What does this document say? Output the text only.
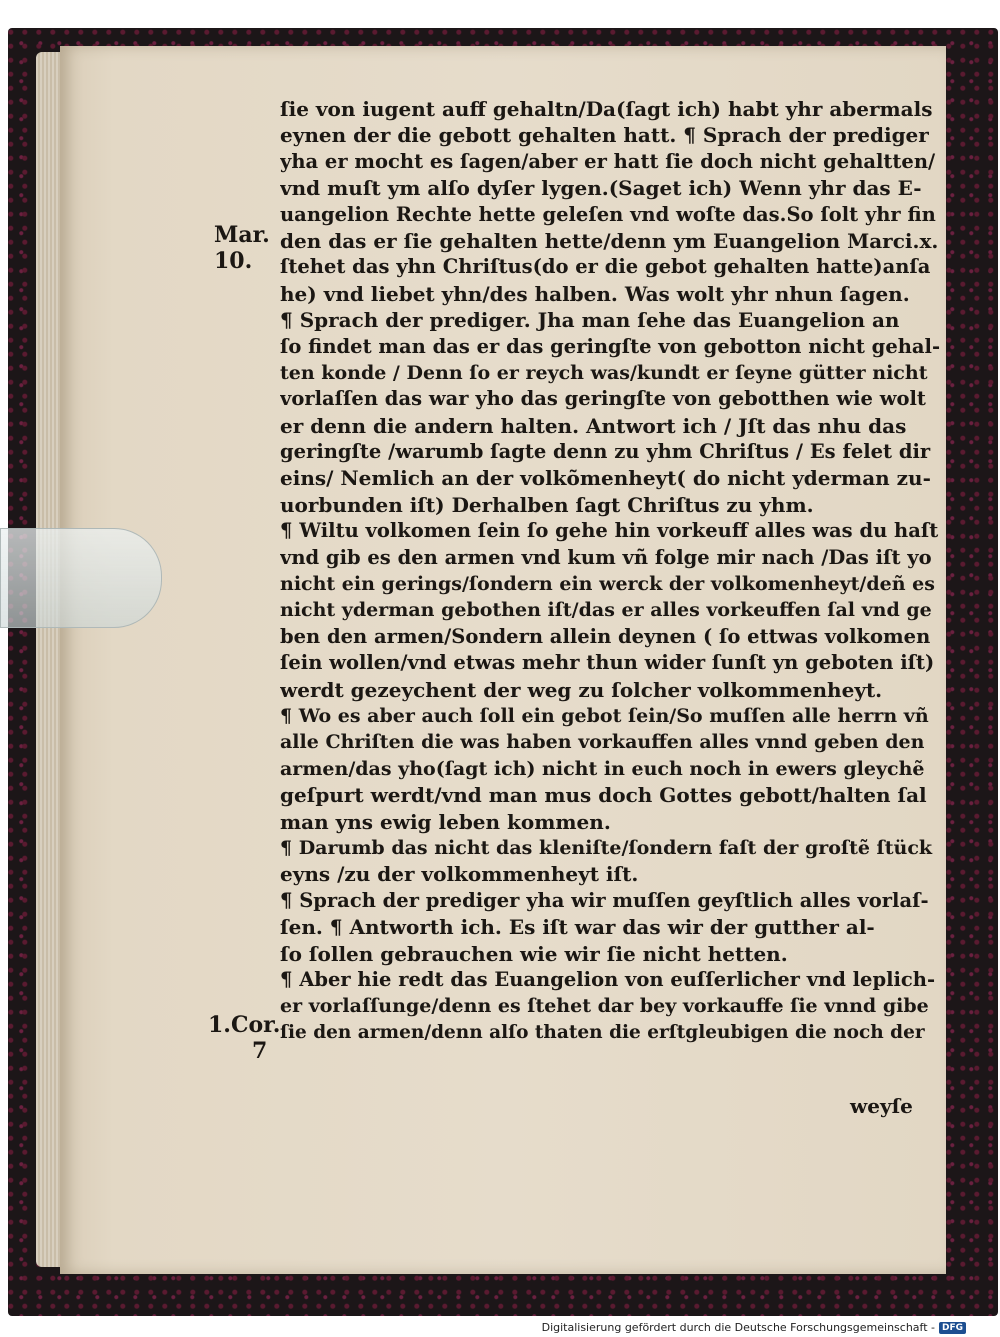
Mar.
10.
1.Cor.
7
ſie von iugent auff gehaltn/Da(ſagt ich) habt yhr abermals
eynen der die gebott gehalten hatt. ¶ Sprach der prediger
yha er mocht es ſagen/aber er hatt ſie doch nicht gehaltten/
vnd muſt ym alſo dyſer lygen.(Saget ich) Wenn yhr das E-
uangelion Rechte hette geleſen vnd woſte das.So ſolt yhr fin
den das er ſie gehalten hette/denn ym Euangelion Marci.x.
ſtehet das yhn Chriſtus(do er die gebot gehalten hatte)anſa
he) vnd liebet yhn/des halben. Was wolt yhr nhun ſagen.
¶ Sprach der prediger. Jha man ſehe das Euangelion an
ſo findet man das er das geringſte von gebotton nicht gehal-
ten konde / Denn ſo er reych was/kundt er ſeyne gütter nicht
vorlaſſen das war yho das geringſte von gebotthen wie wolt
er denn die andern halten. Antwort ich / Jſt das nhu das
geringſte /warumb ſagte denn zu yhm Chriſtus / Es felet dir
eins/ Nemlich an der volkõmenheyt( do nicht yderman zu-
uorbunden iſt) Derhalben ſagt Chriſtus zu yhm.
¶ Wiltu volkomen ſein ſo gehe hin vorkeuff alles was du haſt
vnd gib es den armen vnd kum vñ folge mir nach /Das iſt yo
nicht ein gerings/ſondern ein werck der volkomenheyt/deñ es
nicht yderman gebothen iſt/das er alles vorkeuffen ſal vnd ge
ben den armen/Sondern allein deynen ( ſo ettwas volkomen
ſein wollen/vnd etwas mehr thun wider ſunſt yn geboten iſt)
werdt gezeychent der weg zu ſolcher volkommenheyt.
¶ Wo es aber auch ſoll ein gebot ſein/So muſſen alle herrn vñ
alle Chriſten die was haben vorkauffen alles vnnd geben den
armen/das yho(ſagt ich) nicht in euch noch in ewers gleychẽ
geſpurt werdt/vnd man mus doch Gottes gebott/halten ſal
man yns ewig leben kommen.
¶ Darumb das nicht das kleniſte/ſondern faſt der groſtẽ ſtück
eyns /zu der volkommenheyt iſt.
¶ Sprach der prediger yha wir muſſen geyſtlich alles vorlaſ-
ſen. ¶ Antworth ich. Es iſt war das wir der gutther al-
ſo ſollen gebrauchen wie wir ſie nicht hetten.
¶ Aber hie redt das Euangelion von euſſerlicher vnd leplich-
er vorlaſſunge/denn es ſtehet dar bey vorkauffe ſie vnnd gibe
ſie den armen/denn alſo thaten die erſtgleubigen die noch der
weyſe
Digitalisierung gefördert durch die Deutsche Forschungsgemeinschaft - DFG
